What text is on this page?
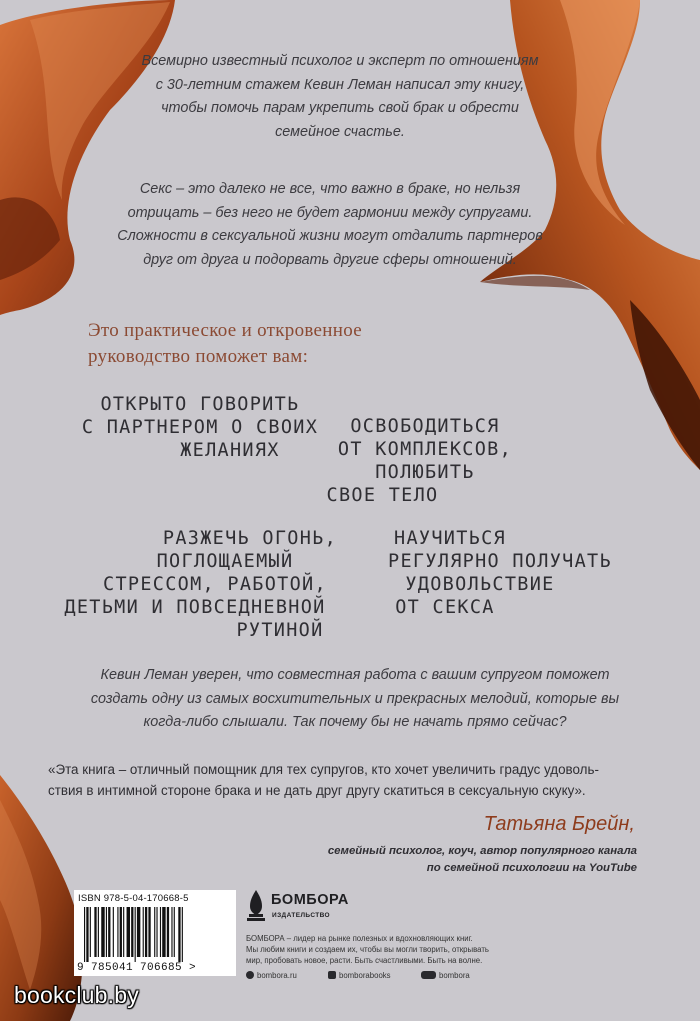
Всемирно известный психолог и эксперт по отношениям
с 30-летним стажем Кевин Леман написал эту книгу,
чтобы помочь парам укрепить свой брак и обрести
семейное счастье.
Секс – это далеко не все, что важно в браке, но нельзя
отрицать – без него не будет гармонии между супругами.
Сложности в сексуальной жизни могут отдалить партнеров
друг от друга и подорвать другие сферы отношений.
Это практическое и откровенное
руководство поможет вам:
ОТКРЫТО ГОВОРИТЬ
С ПАРТНЕРОМ О СВОИХ
ЖЕЛАНИЯХ
ОСВОБОДИТЬСЯ
ОТ КОМПЛЕКСОВ,
ПОЛЮБИТЬ
СВОЕ ТЕЛО
РАЗЖЕЧЬ ОГОНЬ,
ПОГЛОЩАЕМЫЙ
СТРЕССОМ, РАБОТОЙ,
ДЕТЬМИ И ПОВСЕДНЕВНОЙ
РУТИНОЙ
НАУЧИТЬСЯ
РЕГУЛЯРНО ПОЛУЧАТЬ
УДОВОЛЬСТВИЕ
ОТ СЕКСА
Кевин Леман уверен, что совместная работа с вашим супругом поможет
создать одну из самых восхитительных и прекрасных мелодий, которые вы
когда-либо слышали. Так почему бы не начать прямо сейчас?
«Эта книга – отличный помощник для тех супругов, кто хочет увеличить градус удоволь-
ствия в интимной стороне брака и не дать друг другу скатиться в сексуальную скуку».
Татьяна Брейн,
семейный психолог, коуч, автор популярного канала
по семейной психологии на YouTube
ISBN 978-5-04-170668-5
9 785041 706685 >
БОМБОРА
ИЗДАТЕЛЬСТВО
БОМБОРА – лидер на рынке полезных и вдохновляющих книг.
Мы любим книги и создаем их, чтобы вы могли творить, открывать
мир, пробовать новое, расти. Быть счастливыми. Быть на волне.
bombora.ru	bomborabooks	bombora
bookclub.by
